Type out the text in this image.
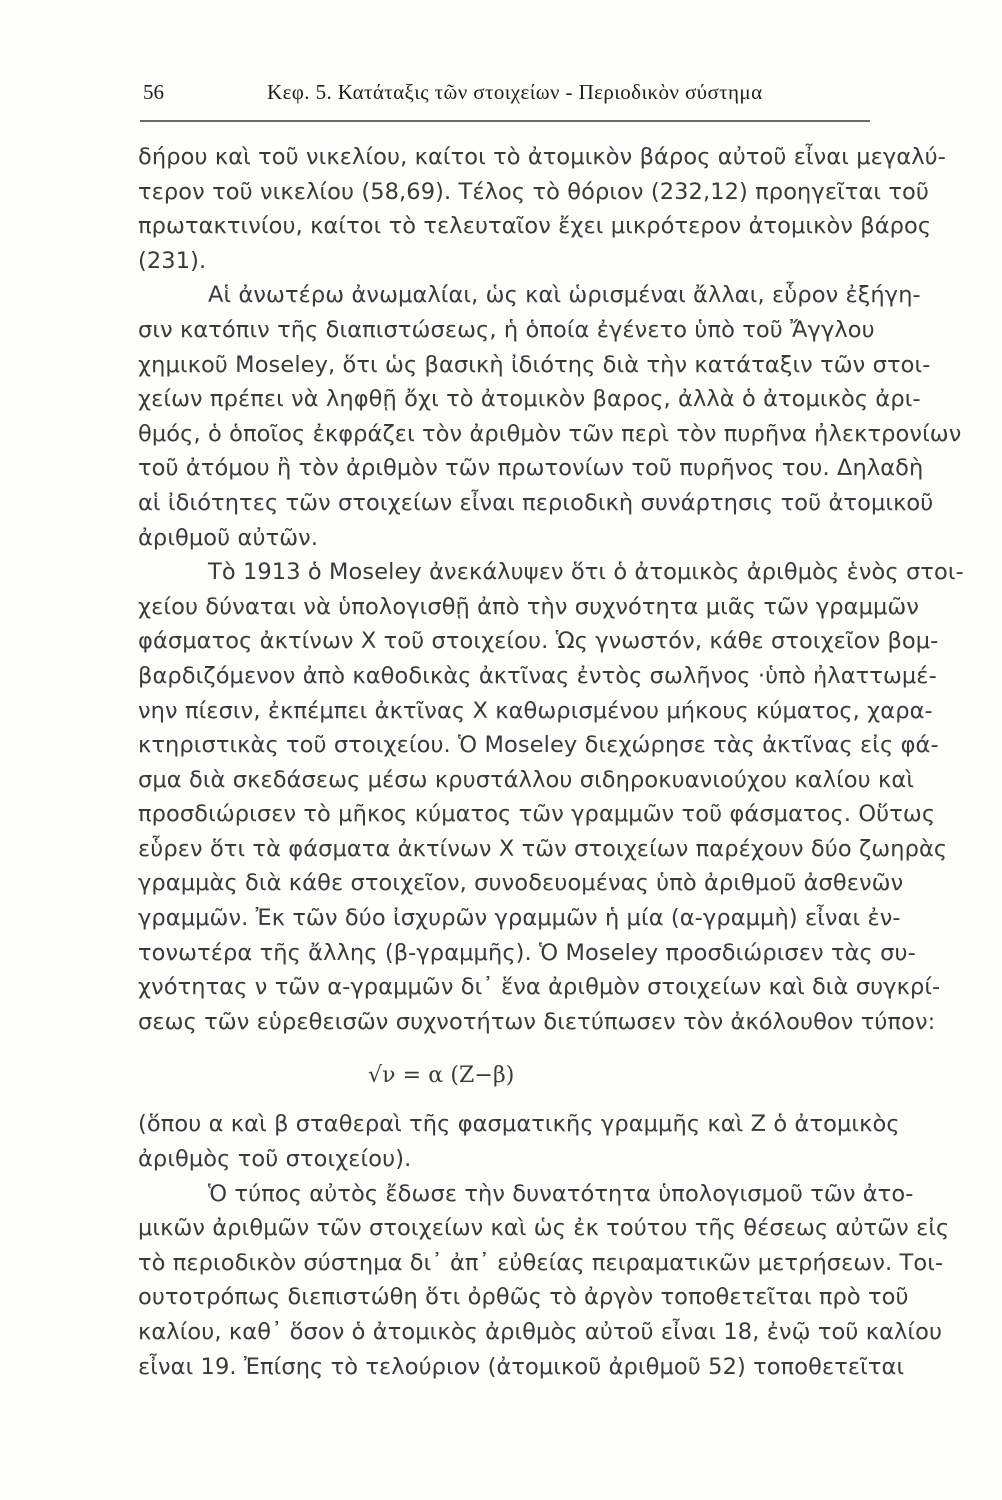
56	Κεφ. 5. Κατάταξις τῶν στοιχείων - Περιοδικὸν σύστημα
δήρου καὶ τοῦ νικελίου, καίτοι τὸ ἀτομικὸν βάρος αὐτοῦ εἶναι μεγαλύ-
τερον τοῦ νικελίου (58,69). Τέλος τὸ θόριον (232,12) προηγεῖται τοῦ
πρωτακτινίου, καίτοι τὸ τελευταῖον ἔχει μικρότερον ἀτομικὸν βάρος
(231).
Αἱ ἀνωτέρω ἀνωμαλίαι, ὡς καὶ ὡρισμέναι ἄλλαι, εὗρον ἐξήγη-
σιν κατόπιν τῆς διαπιστώσεως, ἡ ὁποία ἐγένετο ὑπὸ τοῦ Ἄγγλου
χημικοῦ Moseley, ὅτι ὡς βασικὴ ἰδιότης διὰ τὴν κατάταξιν τῶν στοι-
χείων πρέπει νὰ ληφθῇ ὄχι τὸ ἀτομικὸν βαρος, ἀλλὰ ὁ ἀτομικὸς ἀρι-
θμός, ὁ ὁποῖος ἐκφράζει τὸν ἀριθμὸν τῶν περὶ τὸν πυρῆνα ἠλεκτρονίων
τοῦ ἀτόμου ἢ τὸν ἀριθμὸν τῶν πρωτονίων τοῦ πυρῆνος του. Δηλαδὴ
αἱ ἰδιότητες τῶν στοιχείων εἶναι περιοδικὴ συνάρτησις τοῦ ἀτομικοῦ
ἀριθμοῦ αὐτῶν.
Τὸ 1913 ὁ Moseley ἀνεκάλυψεν ὅτι ὁ ἀτομικὸς ἀριθμὸς ἑνὸς στοι-
χείου δύναται νὰ ὑπολογισθῇ ἀπὸ τὴν συχνότητα μιᾶς τῶν γραμμῶν
φάσματος ἀκτίνων Χ τοῦ στοιχείου. Ὡς γνωστόν, κάθε στοιχεῖον βομ-
βαρδιζόμενον ἀπὸ καθοδικὰς ἀκτῖνας ἐντὸς σωλῆνος ·ὑπὸ ἠλαττωμέ-
νην πίεσιν, ἐκπέμπει ἀκτῖνας Χ καθωρισμένου μήκους κύματος, χαρα-
κτηριστικὰς τοῦ στοιχείου. Ὁ Moseley διεχώρησε τὰς ἀκτῖνας εἰς φά-
σμα διὰ σκεδάσεως μέσω κρυστάλλου σιδηροκυανιούχου καλίου καὶ
προσδιώρισεν τὸ μῆκος κύματος τῶν γραμμῶν τοῦ φάσματος. Οὕτως
εὗρεν ὅτι τὰ φάσματα ἀκτίνων Χ τῶν στοιχείων παρέχουν δύο ζωηρὰς
γραμμὰς διὰ κάθε στοιχεῖον, συνοδευομένας ὑπὸ ἀριθμοῦ ἀσθενῶν
γραμμῶν. Ἐκ τῶν δύο ἰσχυρῶν γραμμῶν ἡ μία (α-γραμμὴ) εἶναι ἐν-
τονωτέρα τῆς ἄλλης (β-γραμμῆς). Ὁ Moseley προσδιώρισεν τὰς συ-
χνότητας ν τῶν α-γραμμῶν δι᾿ ἕνα ἀριθμὸν στοιχείων καὶ διὰ συγκρί-
σεως τῶν εὑρεθεισῶν συχνοτήτων διετύπωσεν τὸν ἀκόλουθον τύπον:
√ν = α (Ζ−β)
(ὅπου α καὶ β σταθεραὶ τῆς φασματικῆς γραμμῆς καὶ Ζ ὁ ἀτομικὸς
ἀριθμὸς τοῦ στοιχείου).
Ὁ τύπος αὐτὸς ἔδωσε τὴν δυνατότητα ὑπολογισμοῦ τῶν ἀτο-
μικῶν ἀριθμῶν τῶν στοιχείων καὶ ὡς ἐκ τούτου τῆς θέσεως αὐτῶν εἰς
τὸ περιοδικὸν σύστημα δι᾿ ἀπ᾿ εὐθείας πειραματικῶν μετρήσεων. Τοι-
ουτοτρόπως διεπιστώθη ὅτι ὀρθῶς τὸ ἀργὸν τοποθετεῖται πρὸ τοῦ
καλίου, καθ᾿ ὅσον ὁ ἀτομικὸς ἀριθμὸς αὐτοῦ εἶναι 18, ἐνῷ τοῦ καλίου
εἶναι 19. Ἐπίσης τὸ τελούριον (ἀτομικοῦ ἀριθμοῦ 52) τοποθετεῖται
